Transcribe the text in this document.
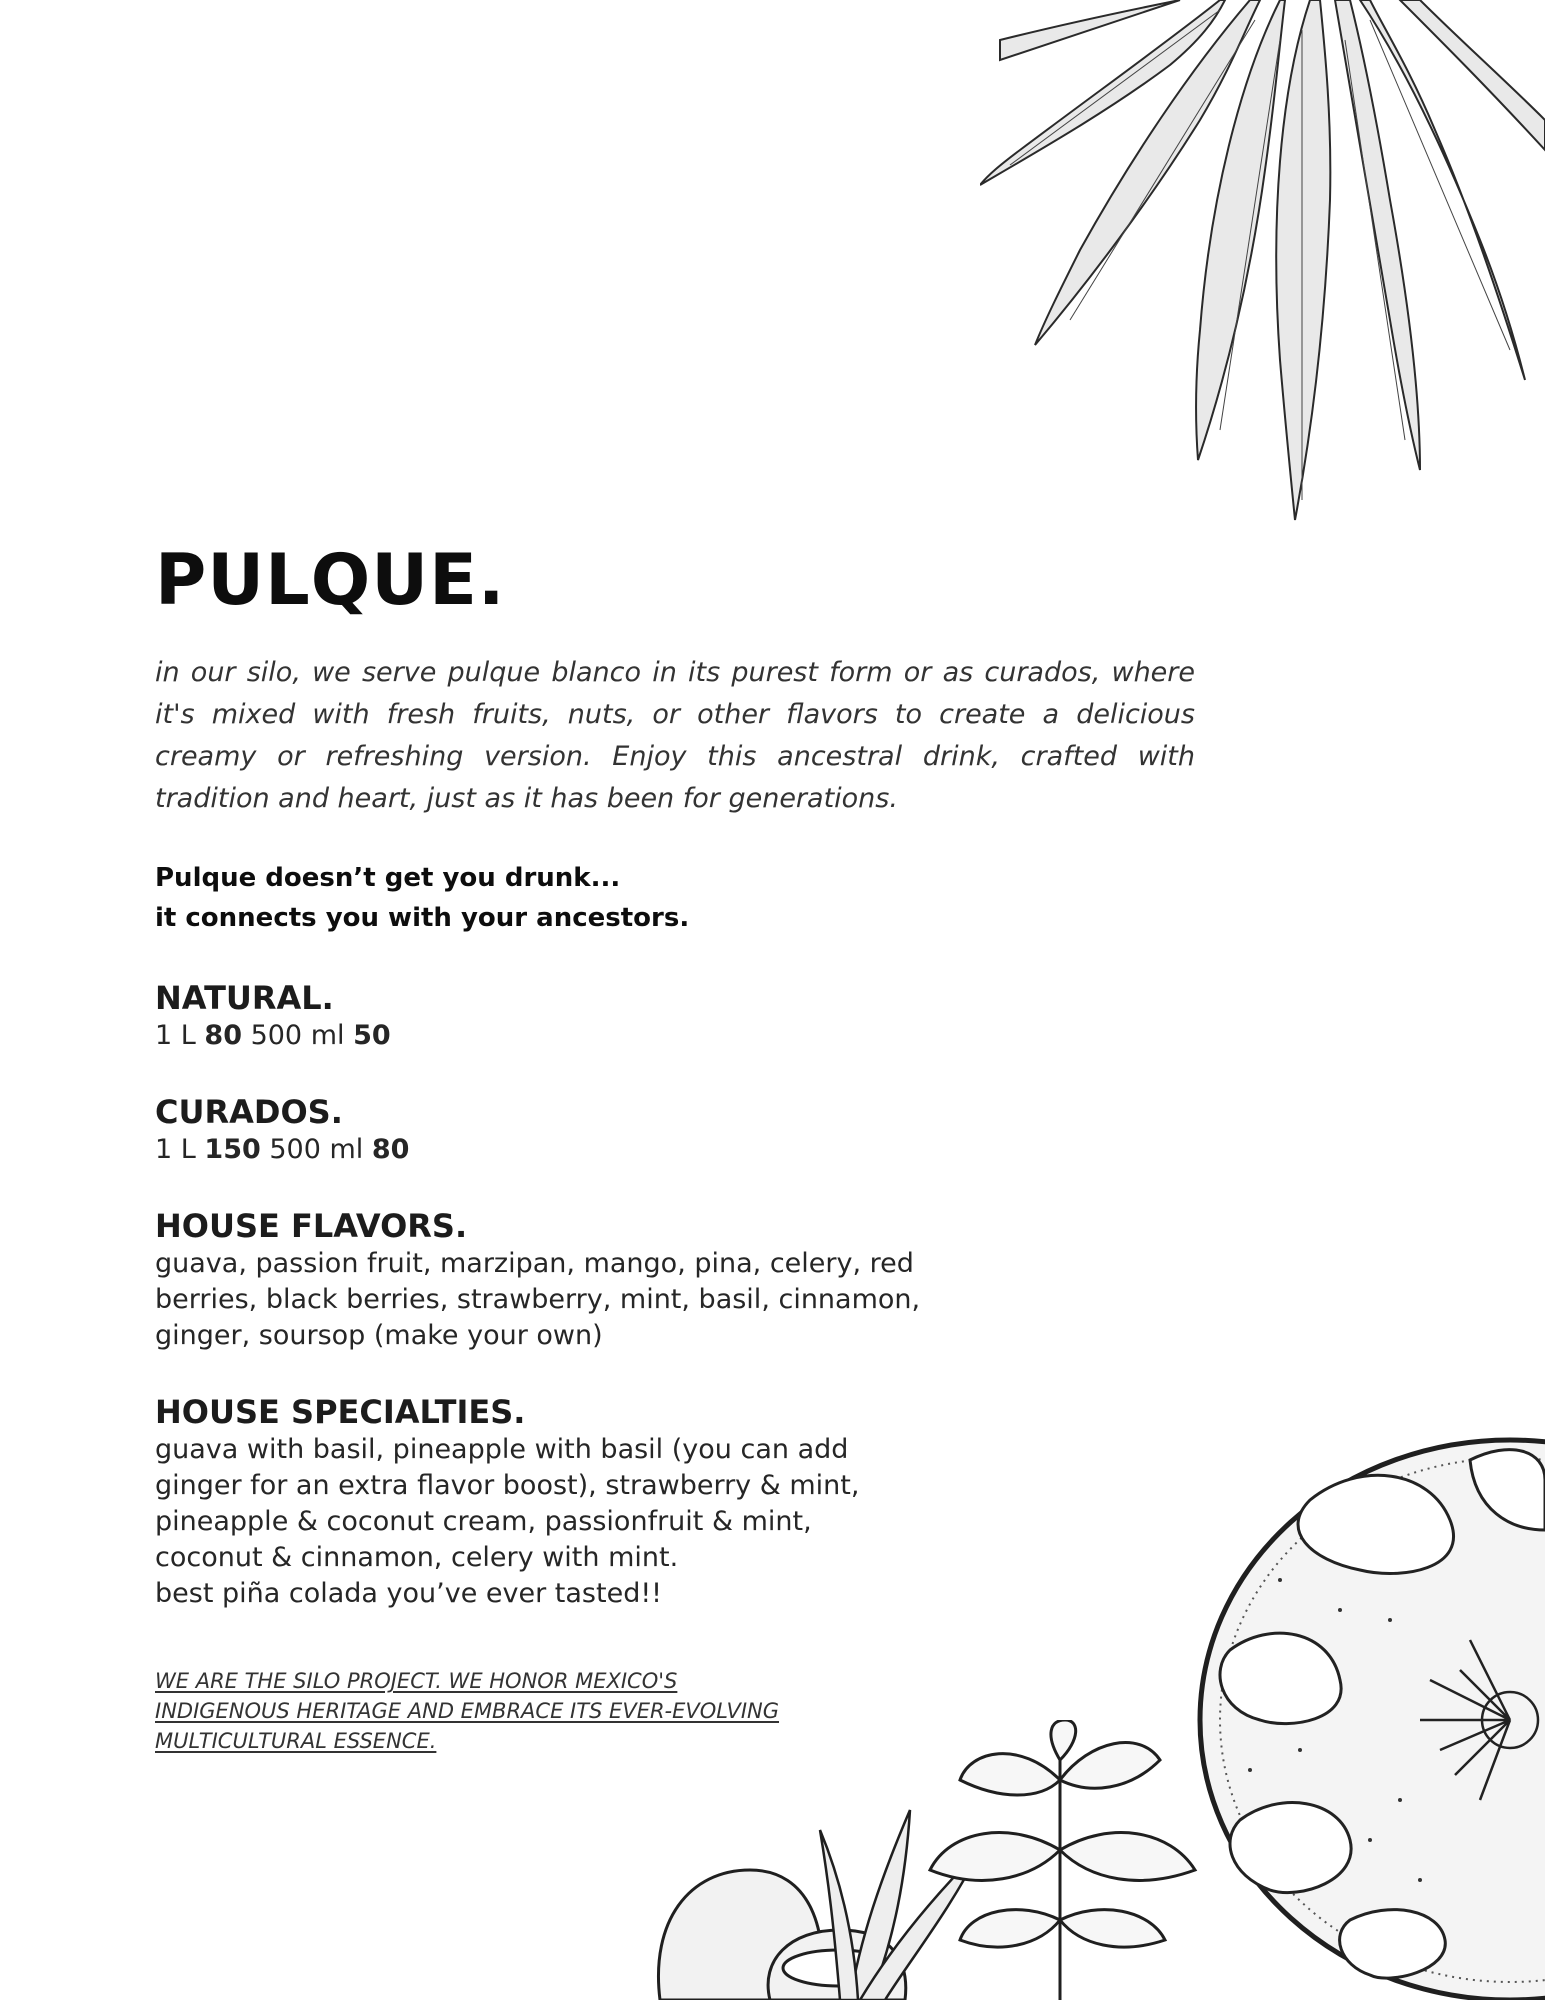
PULQUE.

in our silo, we serve pulque blanco in its purest form or as curados, where it's mixed with fresh fruits, nuts, or other flavors to create a delicious creamy or refreshing version. Enjoy this ancestral drink, crafted with tradition and heart, just as it has been for generations.

Pulque doesn’t get you drunk...
it connects you with your ancestors.

NATURAL.

1 L 80 500 ml 50

CURADOS.

1 L 150 500 ml 80

HOUSE FLAVORS.

guava, passion fruit, marzipan, mango, pina, celery, red
berries, black berries, strawberry, mint, basil, cinnamon,
ginger, soursop (make your own)

HOUSE SPECIALTIES.

guava with basil, pineapple with basil (you can add
ginger for an extra flavor boost), strawberry & mint,
pineapple & coconut cream, passionfruit & mint,
coconut & cinnamon, celery with mint.
best piña colada you’ve ever tasted!!

WE ARE THE SILO PROJECT. WE HONOR MEXICO'S
INDIGENOUS HERITAGE AND EMBRACE ITS EVER-EVOLVING
MULTICULTURAL ESSENCE.
